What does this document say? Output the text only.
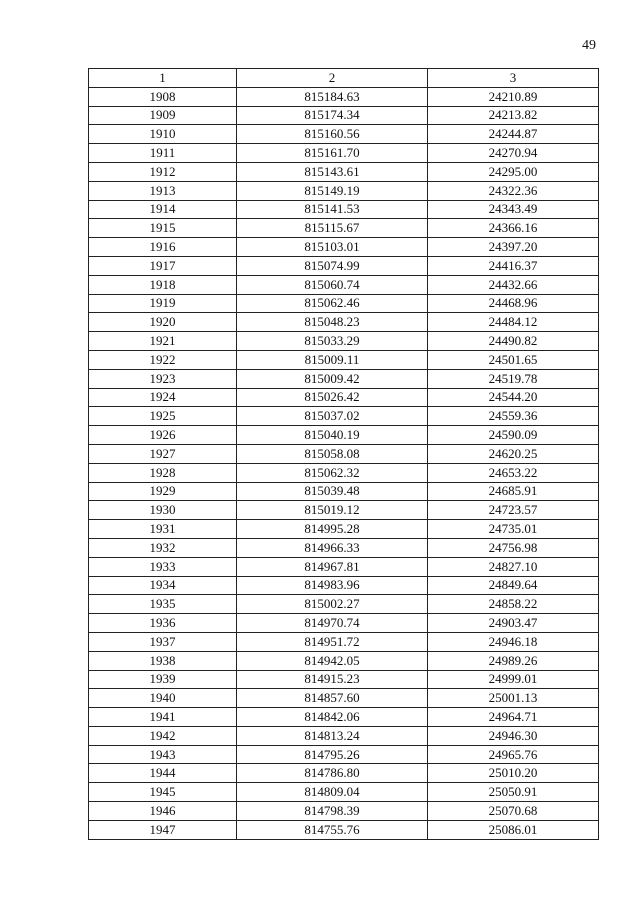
49
1	2	3
1908	815184.63	24210.89
1909	815174.34	24213.82
1910	815160.56	24244.87
1911	815161.70	24270.94
1912	815143.61	24295.00
1913	815149.19	24322.36
1914	815141.53	24343.49
1915	815115.67	24366.16
1916	815103.01	24397.20
1917	815074.99	24416.37
1918	815060.74	24432.66
1919	815062.46	24468.96
1920	815048.23	24484.12
1921	815033.29	24490.82
1922	815009.11	24501.65
1923	815009.42	24519.78
1924	815026.42	24544.20
1925	815037.02	24559.36
1926	815040.19	24590.09
1927	815058.08	24620.25
1928	815062.32	24653.22
1929	815039.48	24685.91
1930	815019.12	24723.57
1931	814995.28	24735.01
1932	814966.33	24756.98
1933	814967.81	24827.10
1934	814983.96	24849.64
1935	815002.27	24858.22
1936	814970.74	24903.47
1937	814951.72	24946.18
1938	814942.05	24989.26
1939	814915.23	24999.01
1940	814857.60	25001.13
1941	814842.06	24964.71
1942	814813.24	24946.30
1943	814795.26	24965.76
1944	814786.80	25010.20
1945	814809.04	25050.91
1946	814798.39	25070.68
1947	814755.76	25086.01
